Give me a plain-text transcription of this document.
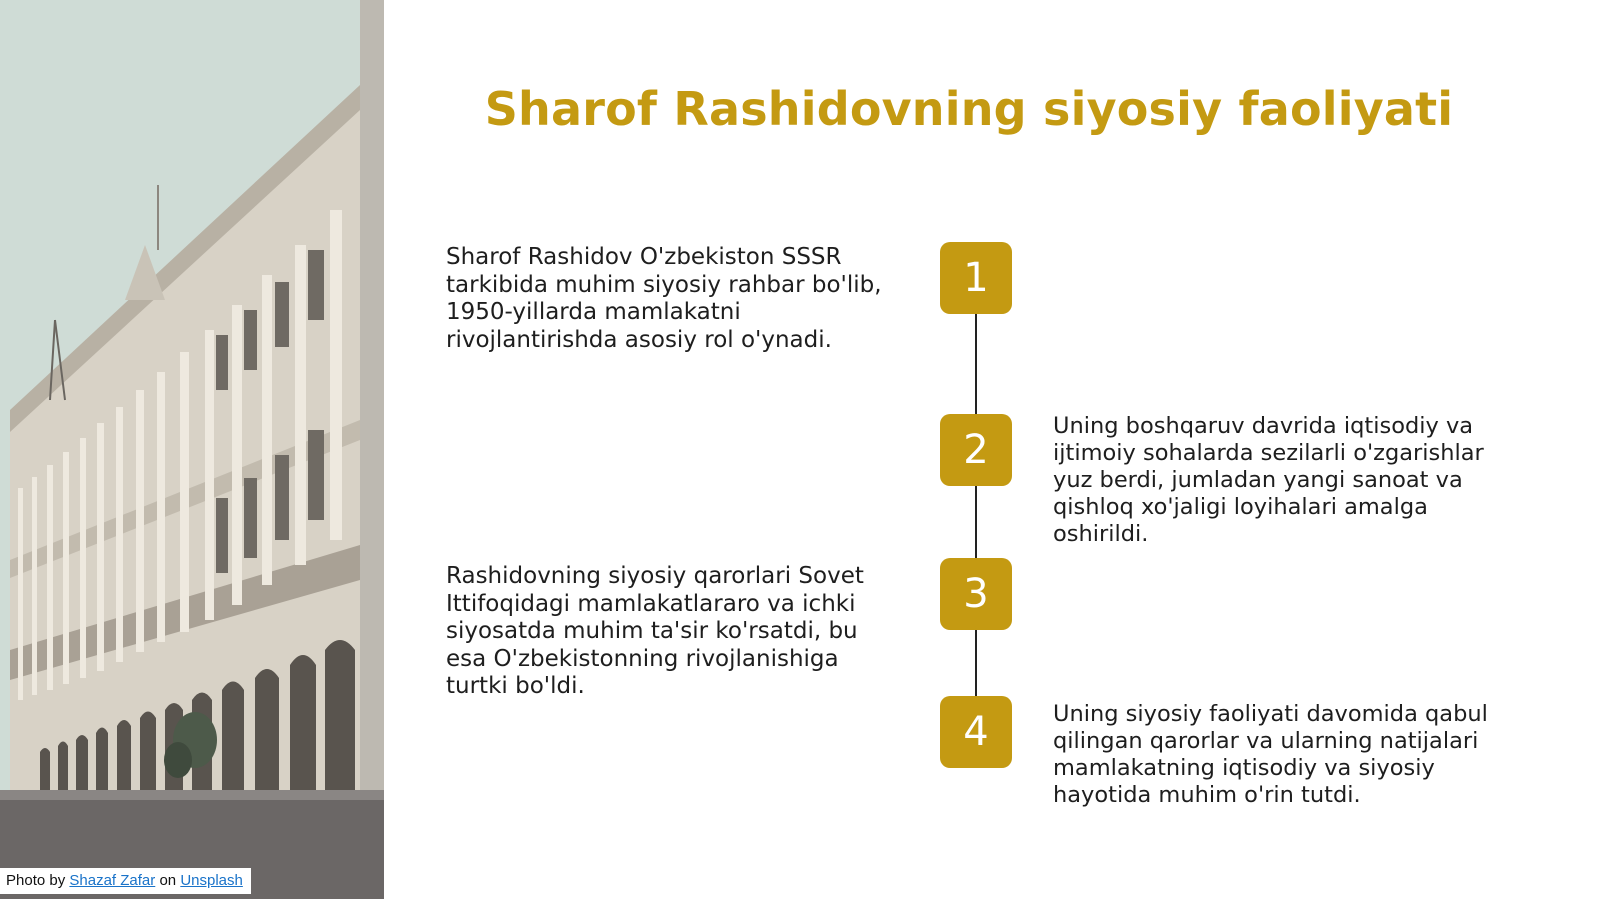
Photo by Shazaf Zafar on Unsplash
Sharof Rashidovning siyosiy faoliyati
1
Sharof Rashidov O'zbekiston SSSR tarkibida muhim siyosiy rahbar bo'lib, 1950-yillarda mamlakatni rivojlantirishda asosiy rol o'ynadi.
2
Uning boshqaruv davrida iqtisodiy va ijtimoiy sohalarda sezilarli o'zgarishlar yuz berdi, jumladan yangi sanoat va qishloq xo'jaligi loyihalari amalga oshirildi.
3
Rashidovning siyosiy qarorlari Sovet Ittifoqidagi mamlakatlararo va ichki siyosatda muhim ta'sir ko'rsatdi, bu esa O'zbekistonning rivojlanishiga turtki bo'ldi.
4	Uning siyosiy faoliyati davomida qabul qilingan qarorlar va ularning natijalari mamlakatning iqtisodiy va siyosiy hayotida muhim o'rin tutdi.
